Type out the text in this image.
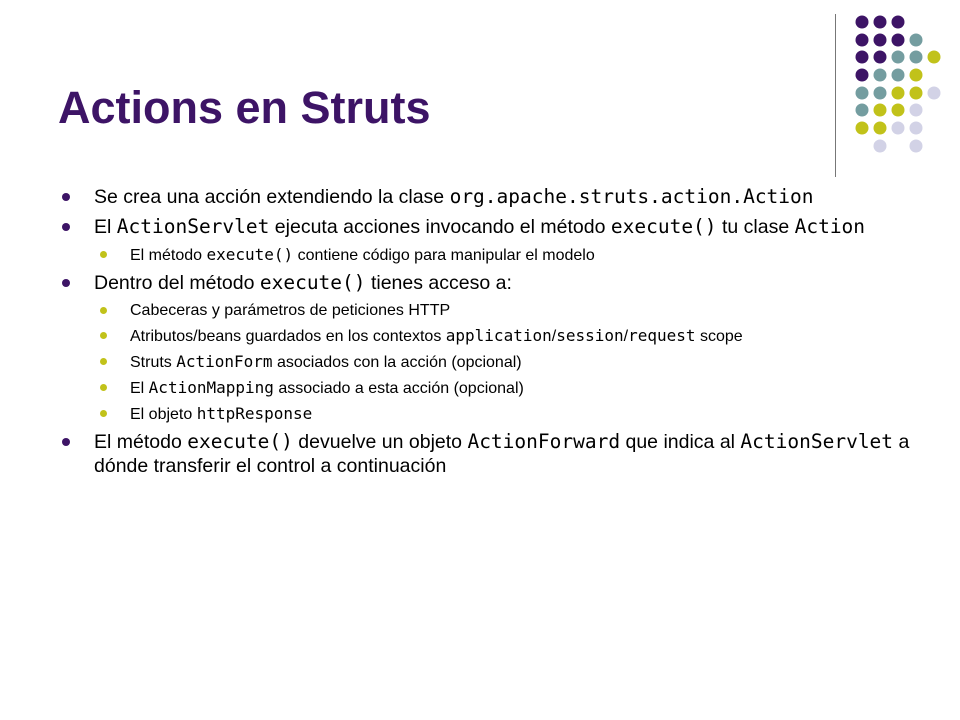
Actions en Struts
Se crea una acción extendiendo la clase org.apache.struts.action.Action
El ActionServlet ejecuta acciones invocando el método execute() tu clase Action
El método execute() contiene código para manipular el modelo
Dentro del método execute() tienes acceso a:
Cabeceras y parámetros de peticiones HTTP
Atributos/beans guardados en los contextos application/session/request scope
Struts ActionForm asociados con la acción (opcional)
El ActionMapping associado a esta acción (opcional)
El objeto httpResponse
El método execute() devuelve un objeto ActionForward que indica al ActionServlet a dónde transferir el control a continuación
